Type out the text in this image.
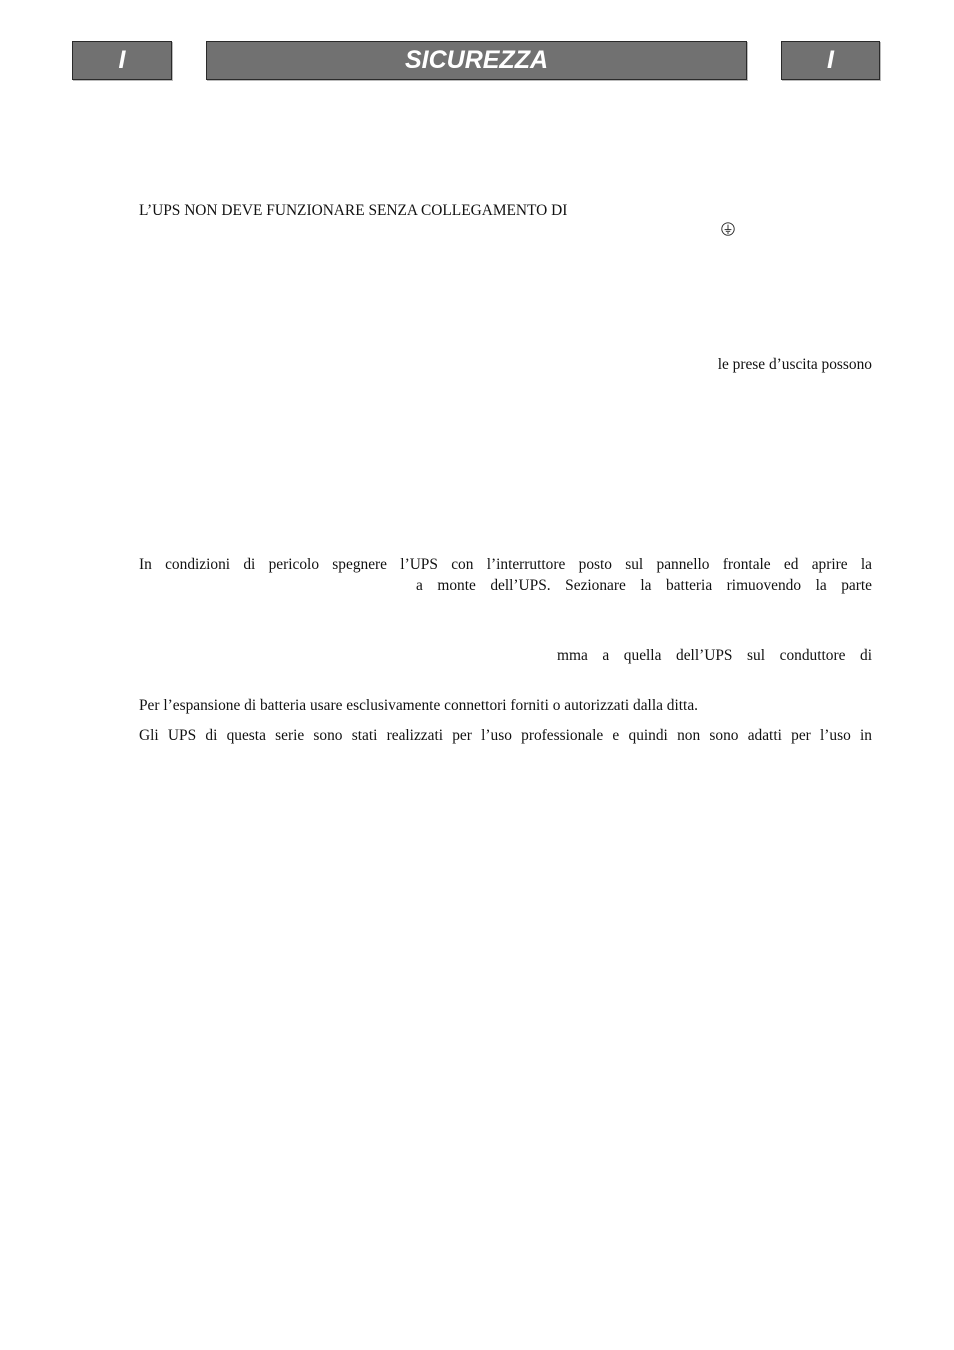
I	SICUREZZA	I
L’UPS NON DEVE FUNZIONARE SENZA COLLEGAMENTO DI
le prese d’uscita possono
In condizioni di pericolo spegnere l’UPS con l’interruttore posto sul pannello frontale ed aprire la
a monte dell’UPS. Sezionare la batteria rimuovendo la parte
mma a quella dell’UPS sul conduttore di
Per l’espansione di batteria usare esclusivamente connettori forniti o autorizzati dalla ditta.
Gli UPS di questa serie sono stati realizzati per l’uso professionale e quindi non sono adatti per l’uso in
